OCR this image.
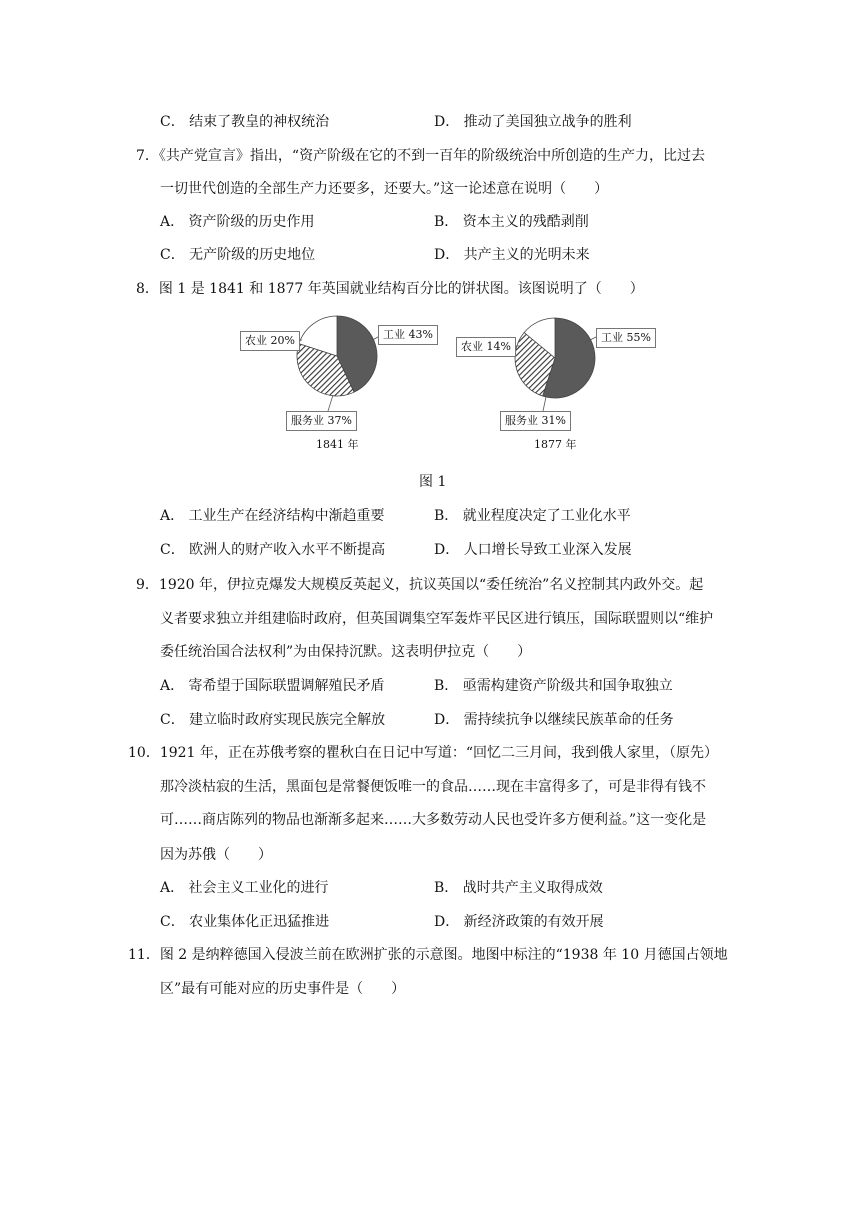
C． 结束了教皇的神权统治	D． 推动了美国独立战争的胜利
7．《共产党宣言》指出，“资产阶级在它的不到一百年的阶级统治中所创造的生产力，比过去
一切世代创造的全部生产力还要多，还要大。”这一论述意在说明（　　）
A． 资产阶级的历史作用	B． 资本主义的残酷剥削
C． 无产阶级的历史地位	D． 共产主义的光明未来
8．图 1 是 1841 和 1877 年英国就业结构百分比的饼状图。该图说明了（　　）
农业 20%	工业 43%
服务业 37%
1841 年
农业 14%
工业 55%
服务业 31%
1877 年
图 1
A． 工业生产在经济结构中渐趋重要	B． 就业程度决定了工业化水平
C． 欧洲人的财产收入水平不断提高	D． 人口增长导致工业深入发展
9．1920 年，伊拉克爆发大规模反英起义，抗议英国以“委任统治”名义控制其内政外交。起
义者要求独立并组建临时政府，但英国调集空军轰炸平民区进行镇压，国际联盟则以“维护
委任统治国合法权利”为由保持沉默。这表明伊拉克（　　）
A． 寄希望于国际联盟调解殖民矛盾	B． 亟需构建资产阶级共和国争取独立
C． 建立临时政府实现民族完全解放	D． 需持续抗争以继续民族革命的任务
10．1921 年，正在苏俄考察的瞿秋白在日记中写道：“回忆二三月间，我到俄人家里，（原先）
那冷淡枯寂的生活，黑面包是常餐便饭唯一的食品……现在丰富得多了，可是非得有钱不
可……商店陈列的物品也渐渐多起来……大多数劳动人民也受许多方便利益。”这一变化是
因为苏俄（　　）
A． 社会主义工业化的进行	B． 战时共产主义取得成效
C． 农业集体化正迅猛推进	D． 新经济政策的有效开展
11．图 2 是纳粹德国入侵波兰前在欧洲扩张的示意图。地图中标注的“1938 年 10 月德国占领地
区”最有可能对应的历史事件是（　　）
